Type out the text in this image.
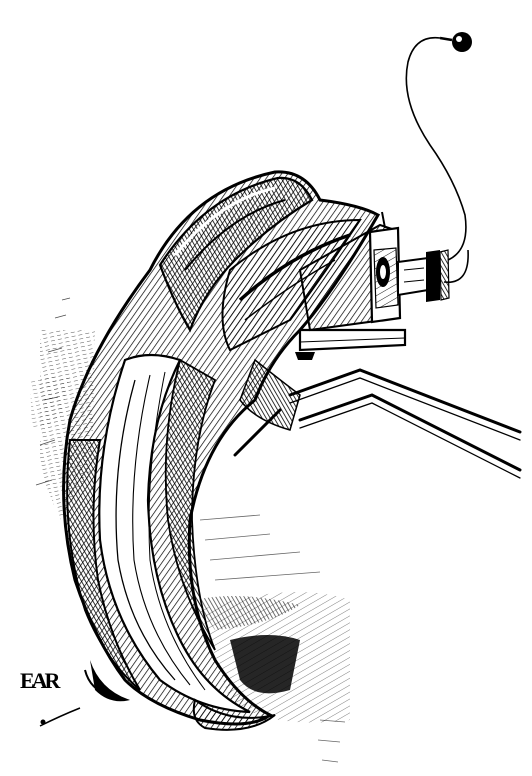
EAR
